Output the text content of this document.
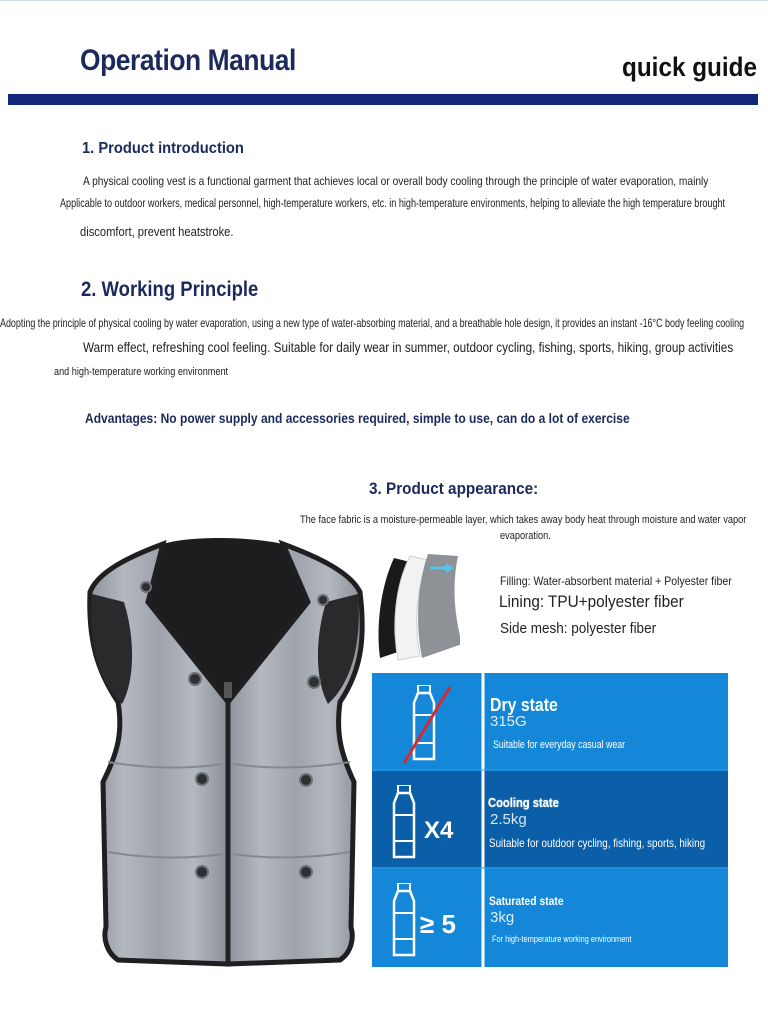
Operation Manual	quick guide
1. Product introduction
A physical cooling vest is a functional garment that achieves local or overall body cooling through the principle of water evaporation, mainly
Applicable to outdoor workers, medical personnel, high-temperature workers, etc. in high-temperature environments, helping to alleviate the high temperature brought
discomfort, prevent heatstroke.
2. Working Principle
Adopting the principle of physical cooling by water evaporation, using a new type of water-absorbing material, and a breathable hole design, it provides an instant -16°C body feeling cooling
Warm effect, refreshing cool feeling. Suitable for daily wear in summer, outdoor cycling, fishing, sports, hiking, group activities
and high-temperature working environment
Advantages: No power supply and accessories required, simple to use, can do a lot of exercise
3. Product appearance:
The face fabric is a moisture-permeable layer, which takes away body heat through moisture and water vapor
evaporation.
Filling: Water-absorbent material + Polyester fiber
Lining: TPU+polyester fiber
Side mesh: polyester fiber
X4
≥ 5
Dry state
315G
Suitable for everyday casual wear
Cooling state
2.5kg
Suitable for outdoor cycling, fishing, sports, hiking
Saturated state
3kg
For high-temperature working environment
